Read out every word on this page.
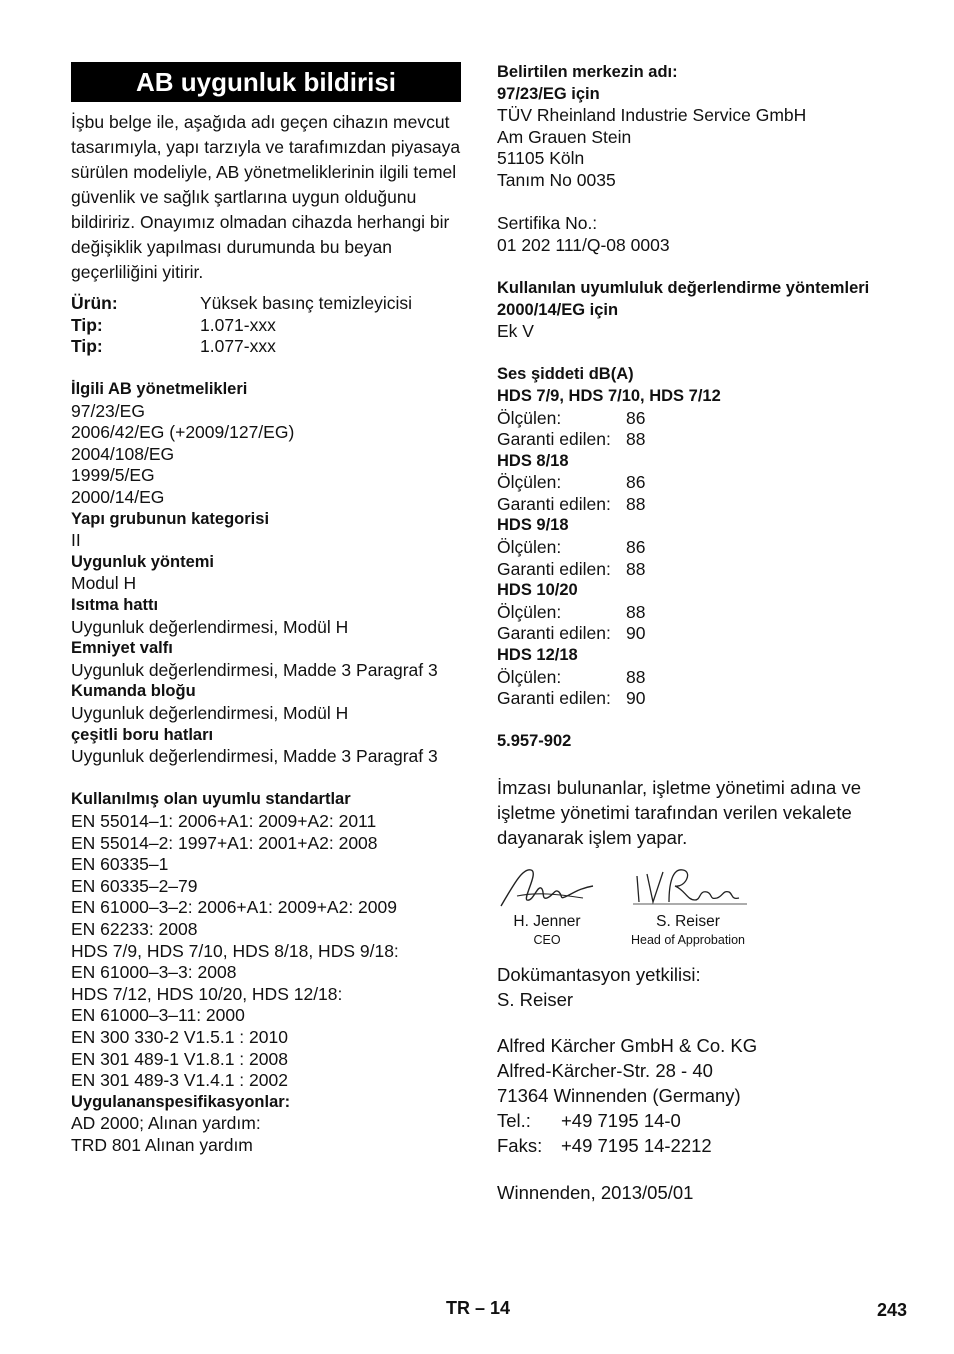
AB uygunluk bildirisi

İşbu belge ile, aşağıda adı geçen cihazın mevcut tasarımıyla, yapı tarzıyla ve tarafımızdan piyasaya sürülen modeliyle, AB yönetmeliklerinin ilgili temel güvenlik ve sağlık şartlarına uygun olduğunu bildiririz. Onayımız olmadan cihazda herhangi bir değişiklik yapılması durumunda bu beyan geçerliliğini yitirir.

Ürün:	Yüksek basınç temizleyicisi
Tip:	1.071-xxx
Tip:	1.077-xxx
İlgili AB yönetmelikleri
97/23/EG
2006/42/EG (+2009/127/EG)
2004/108/EG
1999/5/EG
2000/14/EG
Yapı grubunun kategorisi
II
Uygunluk yöntemi
Modul H
Isıtma hattı
Uygunluk değerlendirmesi, Modül H
Emniyet valfı
Uygunluk değerlendirmesi, Madde 3 Paragraf 3
Kumanda bloğu
Uygunluk değerlendirmesi, Modül H
çeşitli boru hatları
Uygunluk değerlendirmesi, Madde 3 Paragraf 3
Kullanılmış olan uyumlu standartlar
EN 55014–1: 2006+A1: 2009+A2: 2011
EN 55014–2: 1997+A1: 2001+A2: 2008
EN 60335–1
EN 60335–2–79
EN 61000–3–2: 2006+A1: 2009+A2: 2009
EN 62233: 2008
HDS 7/9, HDS 7/10, HDS 8/18, HDS 9/18:
EN 61000–3–3: 2008
HDS 7/12, HDS 10/20, HDS 12/18:
EN 61000–3–11: 2000
EN 300 330-2 V1.5.1 : 2010
EN 301 489-1 V1.8.1 : 2008
EN 301 489-3 V1.4.1 : 2002
Uygulananspesifikasyonlar:
AD 2000; Alınan yardım:
TRD 801 Alınan yardım
Belirtilen merkezin adı:
97/23/EG için
TÜV Rheinland Industrie Service GmbH
Am Grauen Stein
51105 Köln
Tanım No 0035
Sertifika No.:
01 202 111/Q-08 0003
Kullanılan uyumluluk değerlendirme yöntemleri
2000/14/EG için
Ek V
Ses şiddeti dB(A)
HDS 7/9, HDS 7/10, HDS 7/12
Ölçülen:	86
Garanti edilen: 88
HDS 8/18
Ölçülen:	86
Garanti edilen: 88
HDS 9/18
Ölçülen:	86
Garanti edilen: 88
HDS 10/20
Ölçülen:	88
Garanti edilen: 90
HDS 12/18
Ölçülen:	88
Garanti edilen: 90
5.957-902
İmzası bulunanlar, işletme yönetimi adına ve işletme yönetimi tarafından verilen vekalete dayanarak işlem yapar.
H. Jenner
CEO
S. Reiser
Head of Approbation
Dokümantasyon yetkilisi:
S. Reiser
Alfred Kärcher GmbH & Co. KG
Alfred-Kärcher-Str. 28 - 40
71364 Winnenden (Germany)
Tel.:	+49 7195 14-0
Faks:	+49 7195 14-2212
Winnenden, 2013/05/01
TR – 14	243
